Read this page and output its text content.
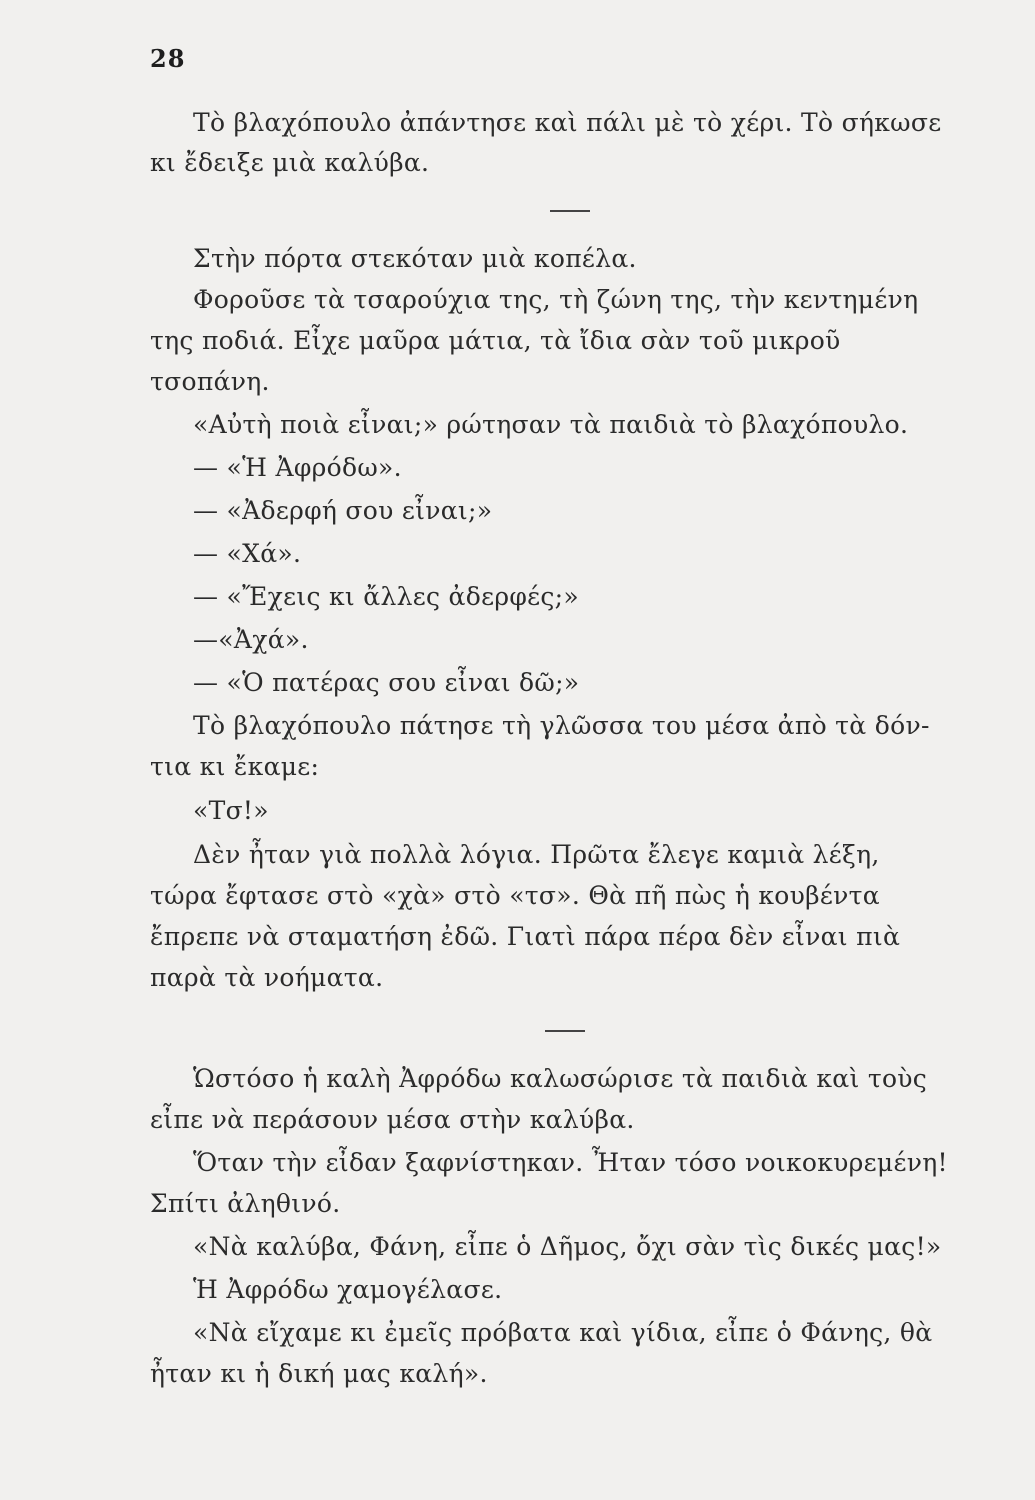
28
Τὸ βλαχόπουλο ἀπάντησε καὶ πάλι μὲ τὸ χέρι. Τὸ σήκωσε
κι ἔδειξε μιὰ καλύβα.
Στὴν πόρτα στεκόταν μιὰ κοπέλα.
Φοροῦσε τὰ τσαρούχια της, τὴ ζώνη της, τὴν κεντημένη
της ποδιά. Εἶχε μαῦρα μάτια, τὰ ἴδια σὰν τοῦ μικροῦ
τσοπάνη.
«Αὐτὴ ποιὰ εἶναι;» ρώτησαν τὰ παιδιὰ τὸ βλαχόπουλο.
— «Ἡ Ἀφρόδω».
— «Ἀδερφή σου εἶναι;»
— «Χά».
— «Ἔχεις κι ἄλλες ἀδερφές;»
—«Ἀχά».
— «Ὁ πατέρας σου εἶναι δῶ;»
Τὸ βλαχόπουλο πάτησε τὴ γλῶσσα του μέσα ἀπὸ τὰ δόν-
τια κι ἔκαμε:
«Τσ!»
Δὲν ἦταν γιὰ πολλὰ λόγια. Πρῶτα ἔλεγε καμιὰ λέξη,
τώρα ἔφτασε στὸ «χὰ» στὸ «τσ». Θὰ πῆ πὼς ἡ κουβέντα
ἔπρεπε νὰ σταματήση ἐδῶ. Γιατὶ πάρα πέρα δὲν εἶναι πιὰ
παρὰ τὰ νοήματα.
Ὡστόσο ἡ καλὴ Ἀφρόδω καλωσώρισε τὰ παιδιὰ καὶ τοὺς
εἶπε νὰ περάσουν μέσα στὴν καλύβα.
Ὅταν τὴν εἶδαν ξαφνίστηκαν. Ἦταν τόσο νοικοκυρεμένη!
Σπίτι ἀληθινό.
«Νὰ καλύβα, Φάνη, εἶπε ὁ Δῆμος, ὄχι σὰν τὶς δικές μας!»
Ἡ Ἀφρόδω χαμογέλασε.
«Νὰ εἴχαμε κι ἐμεῖς πρόβατα καὶ γίδια, εἶπε ὁ Φάνης, θὰ
ἦταν κι ἡ δική μας καλή».
